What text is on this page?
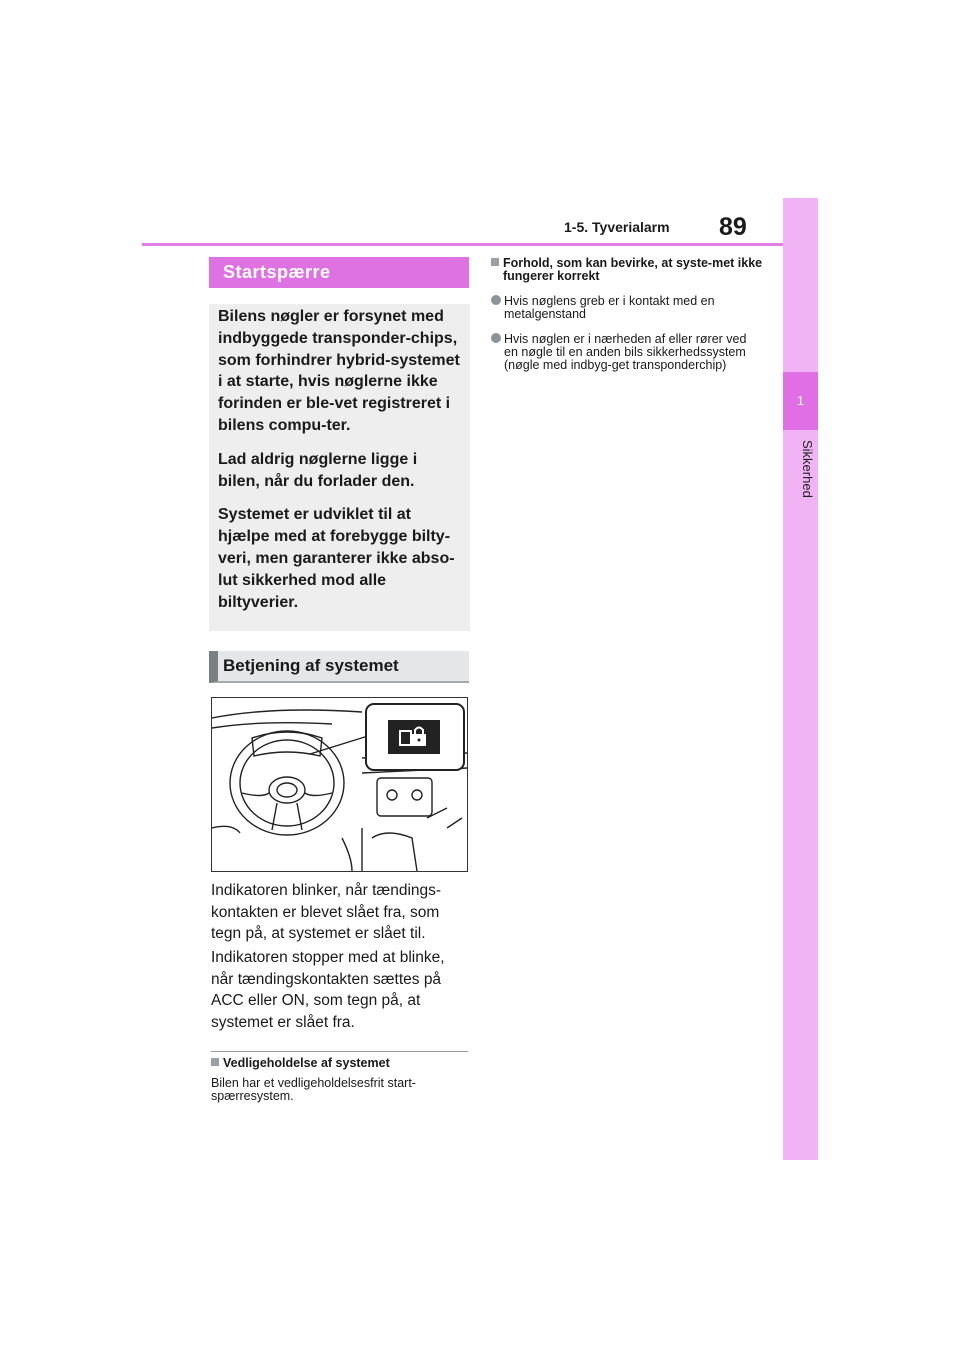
1-5. Tyverialarm 89
1
Sikkerhed
Startspærre

Bilens nøgler er forsynet med indbyggede transponder-chips, som forhindrer hybrid-systemet i at starte, hvis nøglerne ikke forinden er ble-vet registreret i bilens compu-ter.

Lad aldrig nøglerne ligge i bilen, når du forlader den.

Systemet er udviklet til at hjælpe med at forebygge bilty-veri, men garanterer ikke abso-lut sikkerhed mod alle biltyverier.

Betjening af systemet

Indikatoren blinker, når tændings-kontakten er blevet slået fra, som tegn på, at systemet er slået til.

Indikatoren stopper med at blinke, når tændingskontakten sættes på ACC eller ON, som tegn på, at systemet er slået fra.

Vedligeholdelse af systemet

Bilen har et vedligeholdelsesfrit start-spærresystem.

Forhold, som kan bevirke, at syste-met ikke fungerer korrekt
Hvis nøglens greb er i kontakt med en metalgenstand
Hvis nøglen er i nærheden af eller rører ved en nøgle til en anden bils sikkerhedssystem (nøgle med indbyg-get transponderchip)
